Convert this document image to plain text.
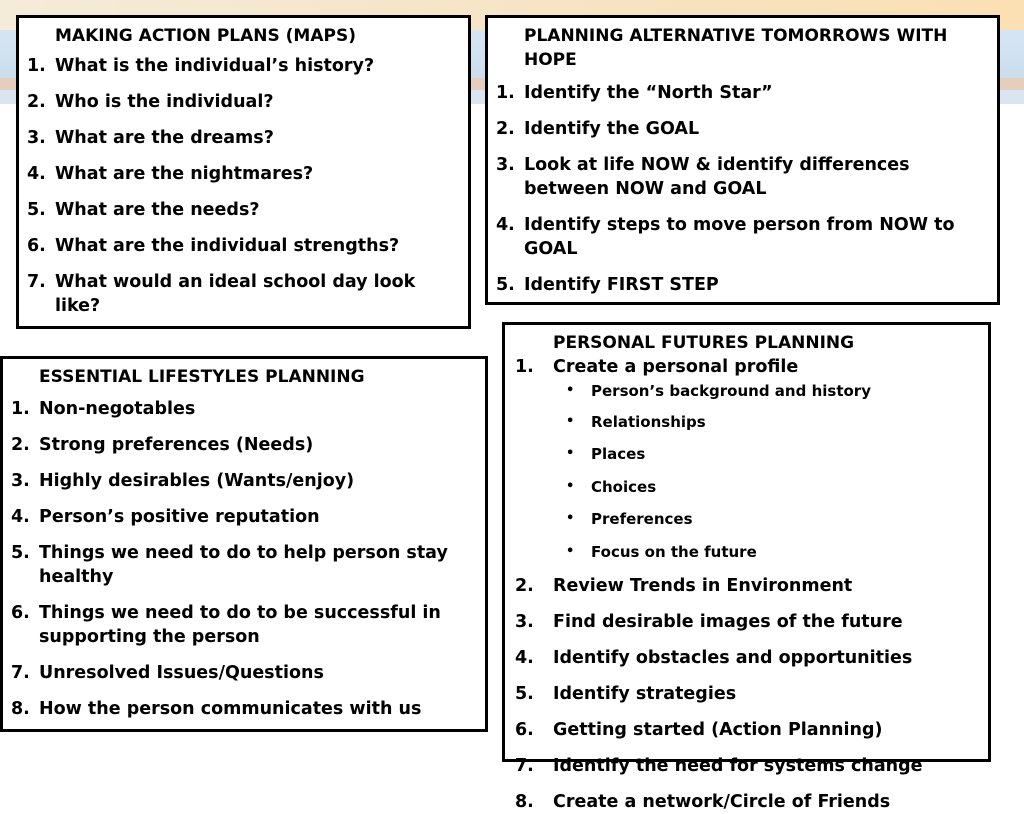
MAKING ACTION PLANS (MAPS)

1. What is the individual’s history?
2. Who is the individual?
3. What are the dreams?
4. What are the nightmares?
5. What are the needs?
6. What are the individual strengths?
7. What would an ideal school day look like?

PLANNING ALTERNATIVE TOMORROWS WITH HOPE

1. Identify the “North Star”
2. Identify the GOAL
3. Look at life NOW & identify differences between NOW and GOAL
4. Identify steps to move person from NOW to GOAL
5. Identify FIRST STEP

ESSENTIAL LIFESTYLES PLANNING

1. Non-negotables
2. Strong preferences (Needs)
3. Highly desirables (Wants/enjoy)
4. Person’s positive reputation
5. Things we need to do to help person stay healthy
6. Things we need to do to be successful in supporting the person
7. Unresolved Issues/Questions
8. How the person communicates with us

PERSONAL FUTURES PLANNING

1. Create a personal profile
• Person’s background and history
• Relationships
• Places
• Choices
• Preferences
• Focus on the future
2. Review Trends in Environment
3. Find desirable images of the future
4. Identify obstacles and opportunities
5. Identify strategies
6. Getting started (Action Planning)
7. Identify the need for systems change
8. Create a network/Circle of Friends
